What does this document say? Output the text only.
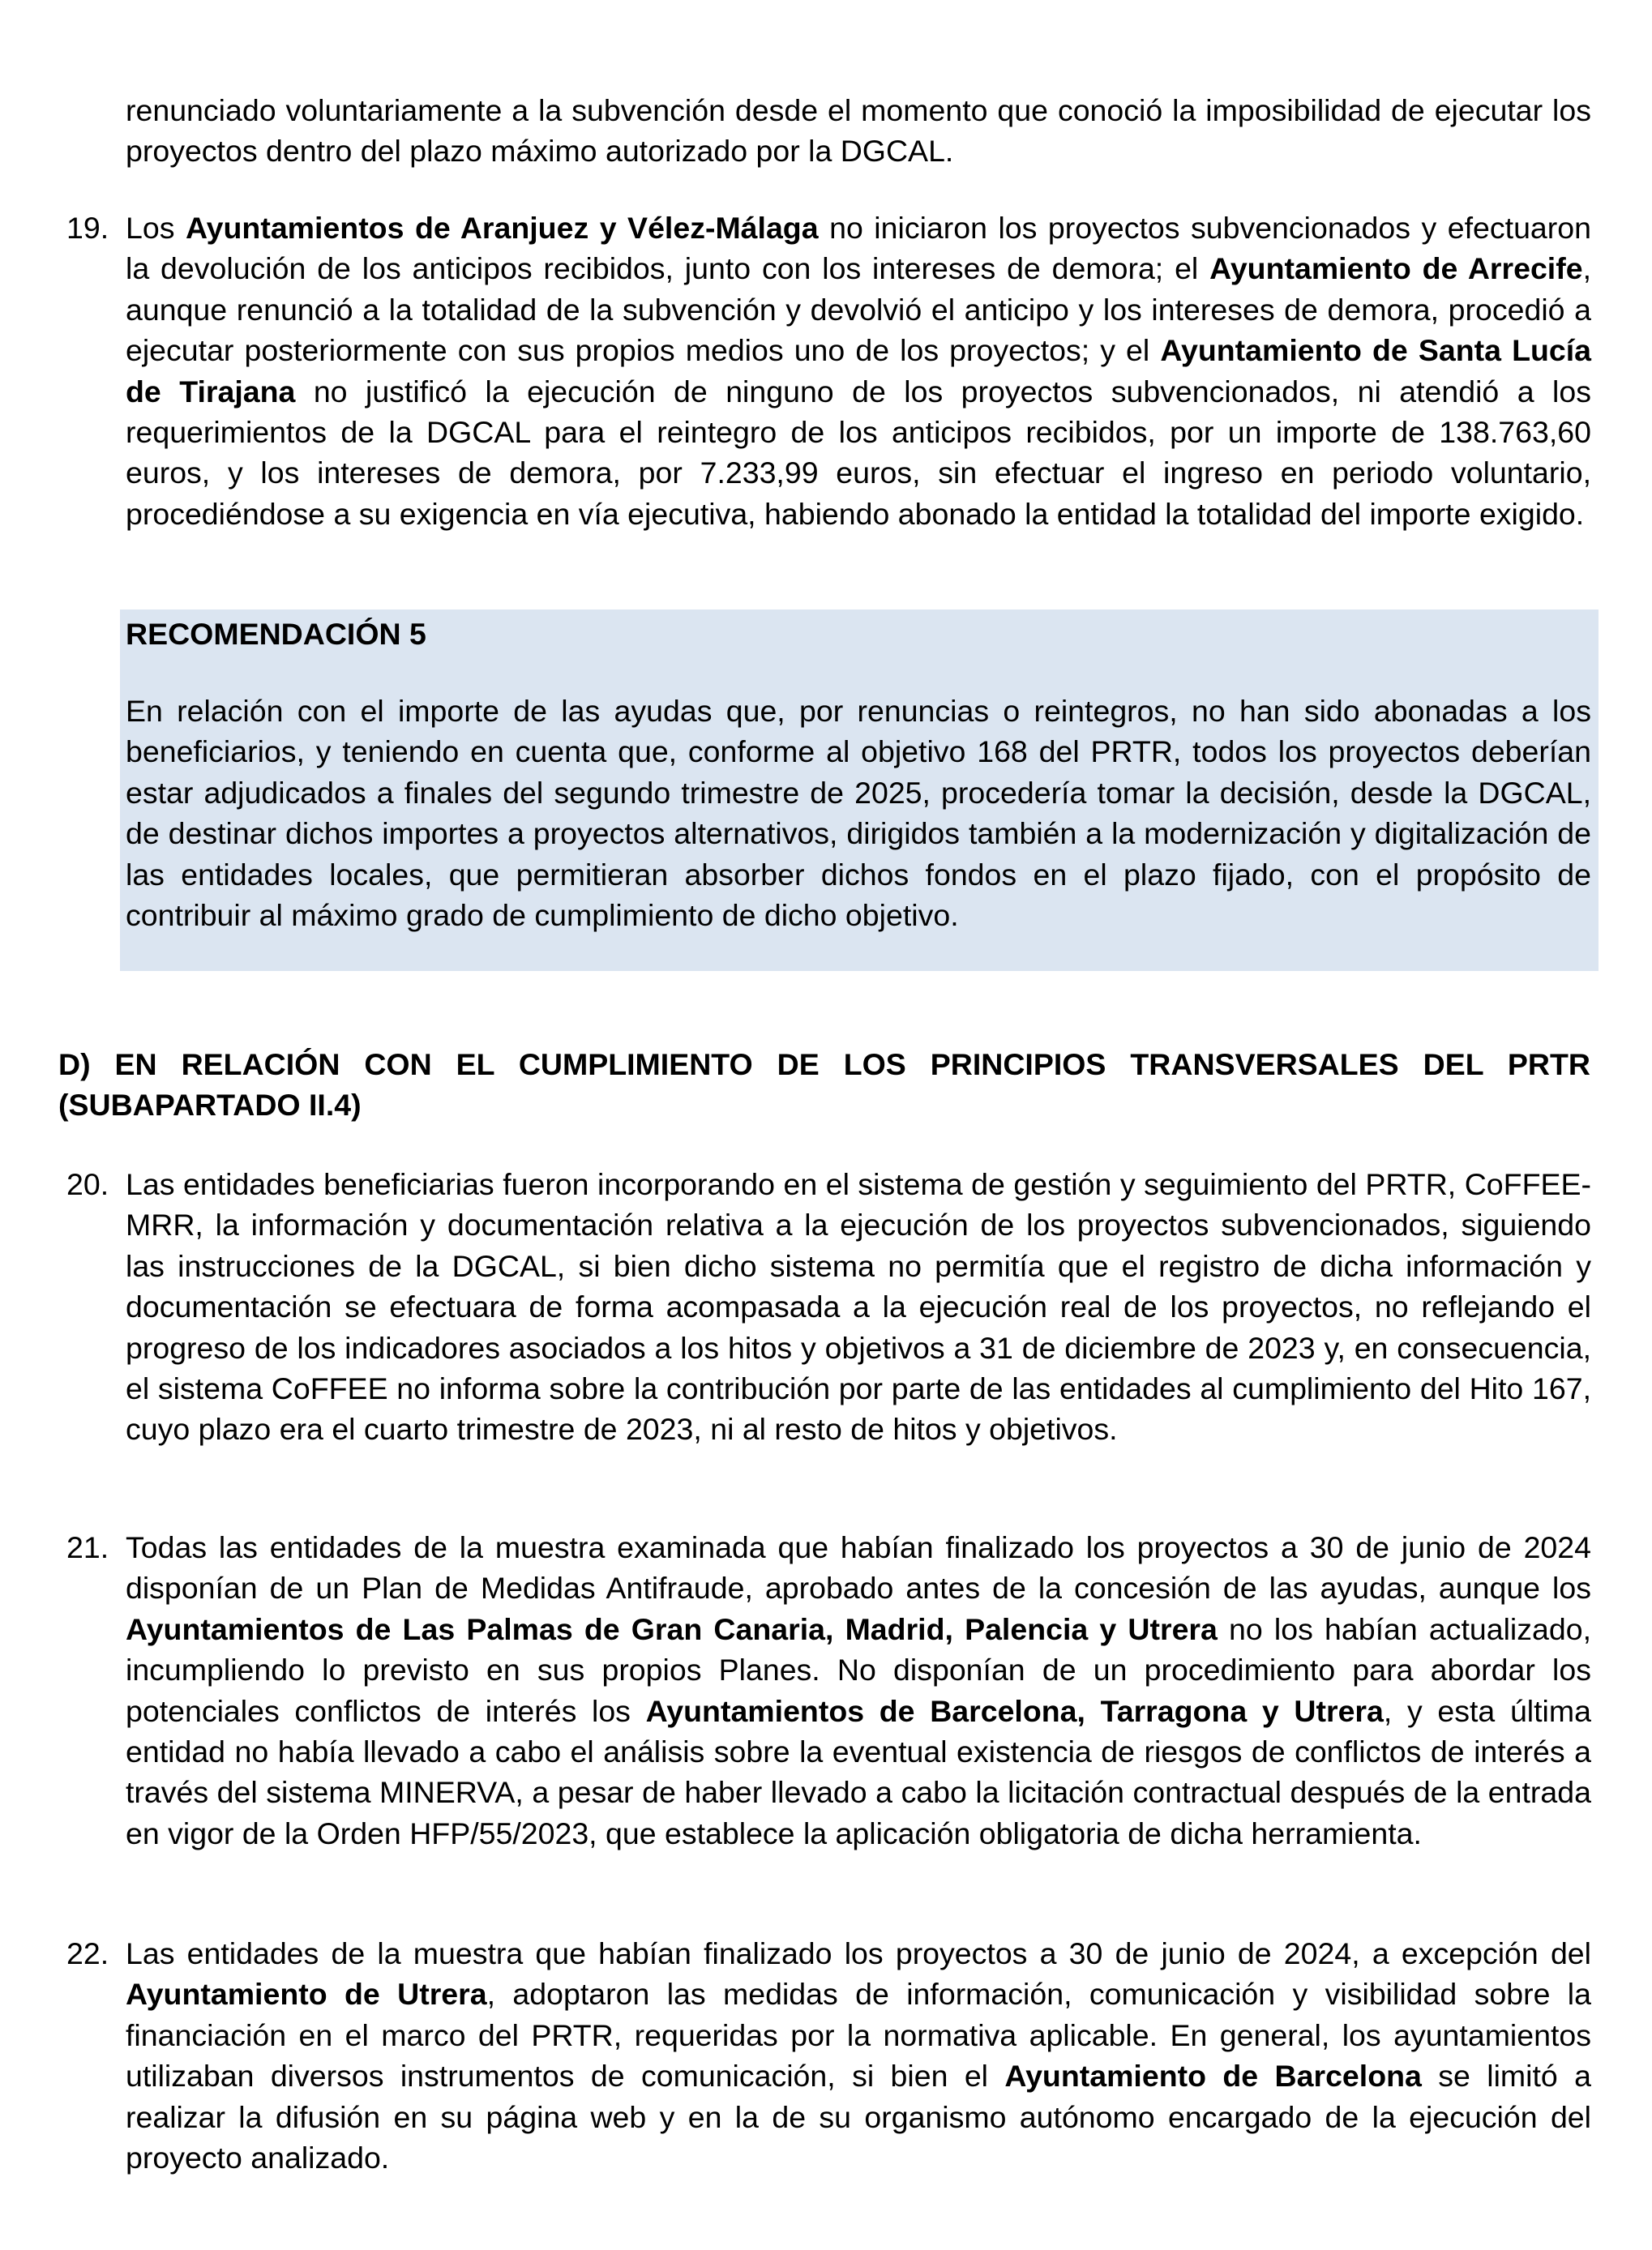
renunciado voluntariamente a la subvención desde el momento que conoció la imposibilidad de ejecutar los proyectos dentro del plazo máximo autorizado por la DGCAL.
19. Los Ayuntamientos de Aranjuez y Vélez-Málaga no iniciaron los proyectos subvencionados y efectuaron la devolución de los anticipos recibidos, junto con los intereses de demora; el Ayuntamiento de Arrecife, aunque renunció a la totalidad de la subvención y devolvió el anticipo y los intereses de demora, procedió a ejecutar posteriormente con sus propios medios uno de los proyectos; y el Ayuntamiento de Santa Lucía de Tirajana no justificó la ejecución de ninguno de los proyectos subvencionados, ni atendió a los requerimientos de la DGCAL para el reintegro de los anticipos recibidos, por un importe de 138.763,60 euros, y los intereses de demora, por 7.233,99 euros, sin efectuar el ingreso en periodo voluntario, procediéndose a su exigencia en vía ejecutiva, habiendo abonado la entidad la totalidad del importe exigido.
RECOMENDACIÓN 5
En relación con el importe de las ayudas que, por renuncias o reintegros, no han sido abonadas a los beneficiarios, y teniendo en cuenta que, conforme al objetivo 168 del PRTR, todos los proyectos deberían estar adjudicados a finales del segundo trimestre de 2025, procedería tomar la decisión, desde la DGCAL, de destinar dichos importes a proyectos alternativos, dirigidos también a la modernización y digitalización de las entidades locales, que permitieran absorber dichos fondos en el plazo fijado, con el propósito de contribuir al máximo grado de cumplimiento de dicho objetivo.
D) EN RELACIÓN CON EL CUMPLIMIENTO DE LOS PRINCIPIOS TRANSVERSALES DEL PRTR (SUBAPARTADO II.4)
20. Las entidades beneficiarias fueron incorporando en el sistema de gestión y seguimiento del PRTR, CoFFEE-MRR, la información y documentación relativa a la ejecución de los proyectos subvencionados, siguiendo las instrucciones de la DGCAL, si bien dicho sistema no permitía que el registro de dicha información y documentación se efectuara de forma acompasada a la ejecución real de los proyectos, no reflejando el progreso de los indicadores asociados a los hitos y objetivos a 31 de diciembre de 2023 y, en consecuencia, el sistema CoFFEE no informa sobre la contribución por parte de las entidades al cumplimiento del Hito 167, cuyo plazo era el cuarto trimestre de 2023, ni al resto de hitos y objetivos.
21. Todas las entidades de la muestra examinada que habían finalizado los proyectos a 30 de junio de 2024 disponían de un Plan de Medidas Antifraude, aprobado antes de la concesión de las ayudas, aunque los Ayuntamientos de Las Palmas de Gran Canaria, Madrid, Palencia y Utrera no los habían actualizado, incumpliendo lo previsto en sus propios Planes. No disponían de un procedimiento para abordar los potenciales conflictos de interés los Ayuntamientos de Barcelona, Tarragona y Utrera, y esta última entidad no había llevado a cabo el análisis sobre la eventual existencia de riesgos de conflictos de interés a través del sistema MINERVA, a pesar de haber llevado a cabo la licitación contractual después de la entrada en vigor de la Orden HFP/55/2023, que establece la aplicación obligatoria de dicha herramienta.
22. Las entidades de la muestra que habían finalizado los proyectos a 30 de junio de 2024, a excepción del Ayuntamiento de Utrera, adoptaron las medidas de información, comunicación y visibilidad sobre la financiación en el marco del PRTR, requeridas por la normativa aplicable. En general, los ayuntamientos utilizaban diversos instrumentos de comunicación, si bien el Ayuntamiento de Barcelona se limitó a realizar la difusión en su página web y en la de su organismo autónomo encargado de la ejecución del proyecto analizado.
